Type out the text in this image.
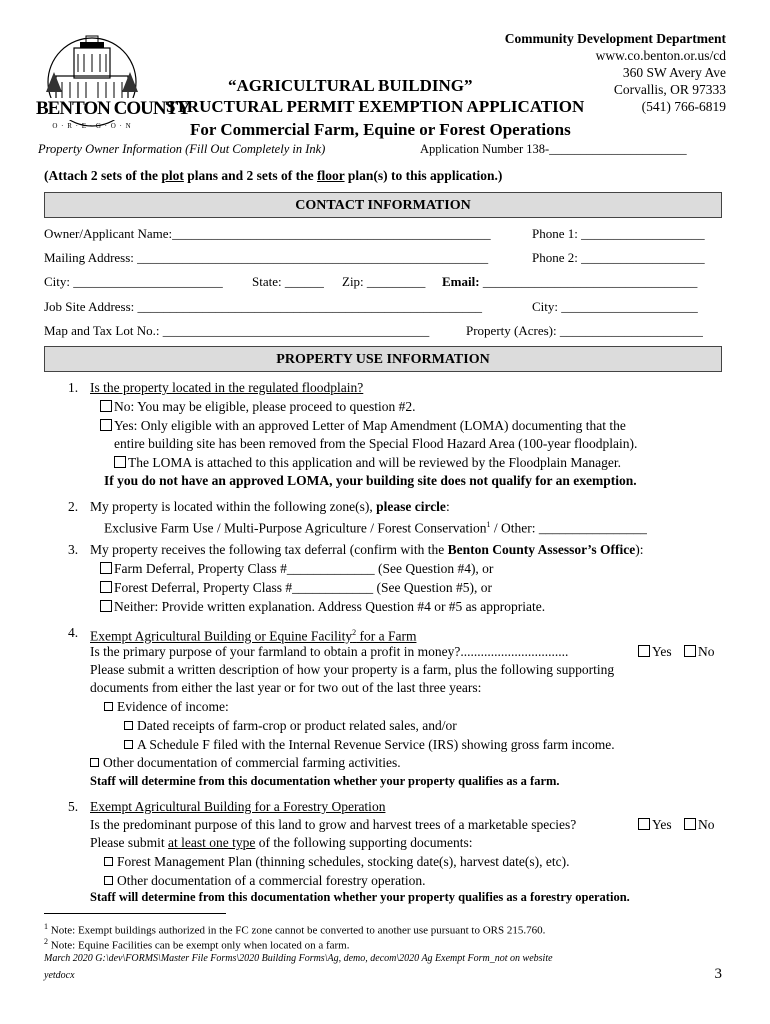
BENTON COUNTY
O · R · E · G · O · N
Community Development Department
www.co.benton.or.us/cd
360 SW Avery Ave
Corvallis, OR 97333
(541) 766-6819
“AGRICULTURAL BUILDING”
STRUCTURAL PERMIT EXEMPTION APPLICATION
For Commercial Farm, Equine or Forest Operations
Property Owner Information (Fill Out Completely in Ink)	Application Number 138-______________________
(Attach 2 sets of the plot plans and 2 sets of the floor plan(s) to this application.)
CONTACT INFORMATION
Owner/Applicant Name:_________________________________________________	Phone 1: ___________________
Mailing Address: ______________________________________________________	Phone 2: ___________________
City: _______________________ State: ______ Zip: _________ Email: _________________________________
Job Site Address: _____________________________________________________	City: _____________________
Map and Tax Lot No.: _________________________________________	Property (Acres): ______________________
PROPERTY USE INFORMATION
1. Is the property located in the regulated floodplain?
No: You may be eligible, please proceed to question #2.
Yes: Only eligible with an approved Letter of Map Amendment (LOMA) documenting that the
entire building site has been removed from the Special Flood Hazard Area (100-year floodplain).
The LOMA is attached to this application and will be reviewed by the Floodplain Manager.
If you do not have an approved LOMA, your building site does not qualify for an exemption.
2. My property is located within the following zone(s), please circle:
Exclusive Farm Use / Multi-Purpose Agriculture / Forest Conservation$^1$ / Other: ________________
3. My property receives the following tax deferral (confirm with the Benton County Assessor’s Office):
Farm Deferral, Property Class #_____________ (See Question #4), or
Forest Deferral, Property Class #____________ (See Question #5), or
Neither: Provide written explanation. Address Question #4 or #5 as appropriate.
4. Exempt Agricultural Building or Equine Facility$^2$ for a Farm
Is the primary purpose of your farmland to obtain a profit in money?................................	Yes	No
Please submit a written description of how your property is a farm, plus the following supporting
documents from either the last year or for two out of the last three years:
Evidence of income:
Dated receipts of farm-crop or product related sales, and/or
A Schedule F filed with the Internal Revenue Service (IRS) showing gross farm income.
Other documentation of commercial farming activities.
Staff will determine from this documentation whether your property qualifies as a farm.
5. Exempt Agricultural Building for a Forestry Operation
Is the predominant purpose of this land to grow and harvest trees of a marketable species?	Yes	No
Please submit at least one type of the following supporting documents:
Forest Management Plan (thinning schedules, stocking date(s), harvest date(s), etc).
Other documentation of a commercial forestry operation.
Staff will determine from this documentation whether your property qualifies as a forestry operation.
$^1$ Note: Exempt buildings authorized in the FC zone cannot be converted to another use pursuant to ORS 215.760.
$^2$ Note: Equine Facilities can be exempt only when located on a farm.
March 2020 G:\dev\FORMS\Master File Forms\2020 Building Forms\Ag, demo, decom\2020 Ag Exempt Form_not on website
yetdocx	3
